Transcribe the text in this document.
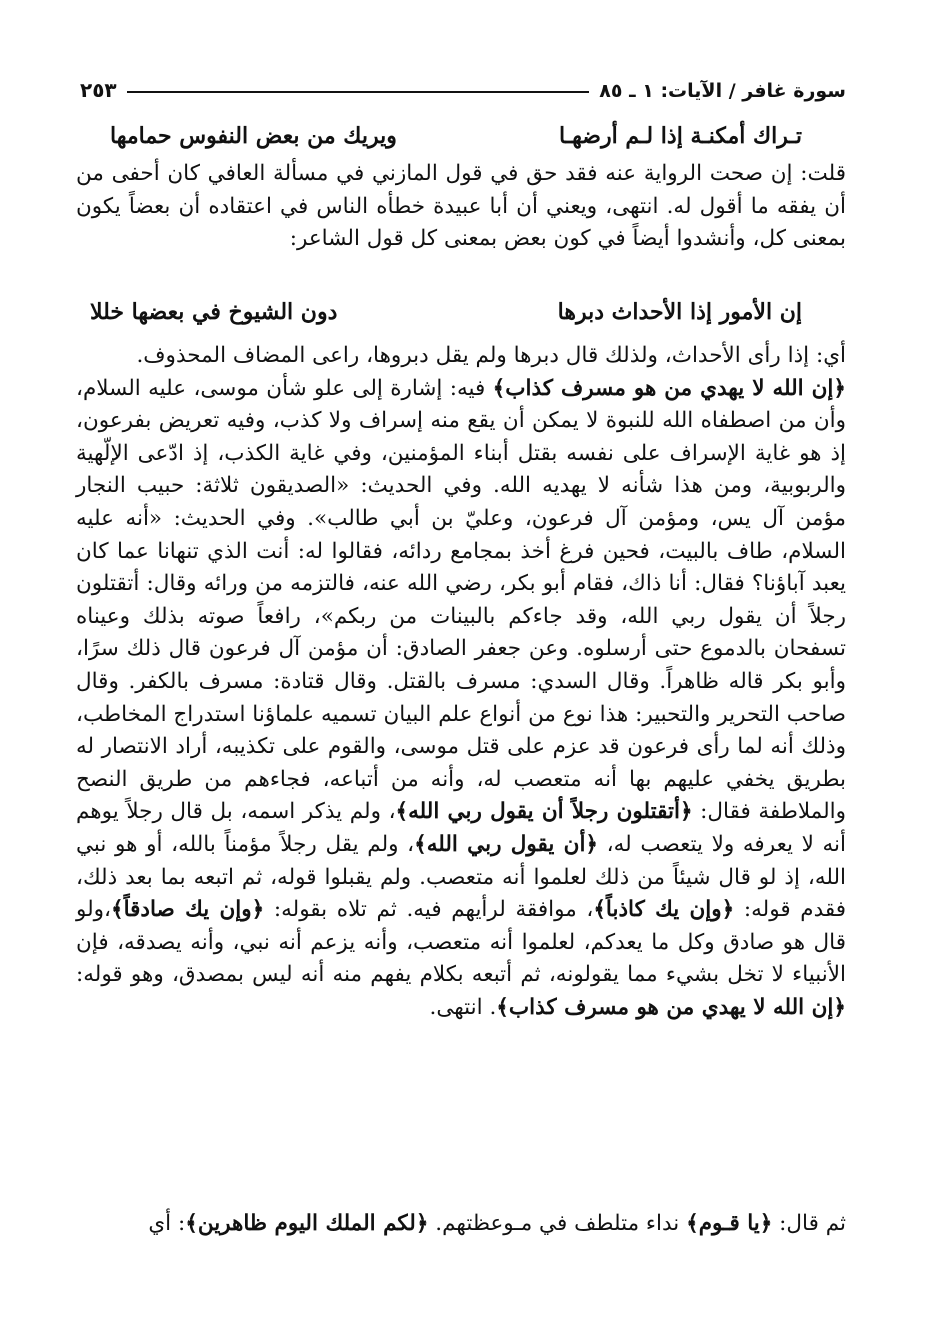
سورة غافر / الآيات: ١ ـ ٨٥
٢٥٣
تـراك أمكنـة إذا لـم أرضهـا
ويريك من بعض النفوس حمامها
قلت: إن صحت الرواية عنه فقد حق في قول المازني في مسألة العافي كان أحفى من أن يفقه ما أقول له. انتهى، ويعني أن أبا عبيدة خطأه الناس في اعتقاده أن بعضاً يكون بمعنى كل، وأنشدوا أيضاً في كون بعض بمعنى كل قول الشاعر:
إن الأمور إذا الأحداث دبرها
دون الشيوخ في بعضها خللا
أي: إذا رأى الأحداث، ولذلك قال دبرها ولم يقل دبروها، راعى المضاف المحذوف.
﴿إن الله لا يهدي من هو مسرف كذاب﴾ فيه: إشارة إلى علو شأن موسى، عليه السلام، وأن من اصطفاه الله للنبوة لا يمكن أن يقع منه إسراف ولا كذب، وفيه تعريض بفرعون، إذ هو غاية الإسراف على نفسه بقتل أبناء المؤمنين، وفي غاية الكذب، إذ ادّعى الإلّهية والربوبية، ومن هذا شأنه لا يهديه الله. وفي الحديث: «الصديقون ثلاثة: حبيب النجار مؤمن آل يس، ومؤمن آل فرعون، وعليّ بن أبي طالب». وفي الحديث: «أنه عليه السلام، طاف بالبيت، فحين فرغ أخذ بمجامع ردائه، فقالوا له: أنت الذي تنهانا عما كان يعبد آباؤنا؟ فقال: أنا ذاك، فقام أبو بكر، رضي الله عنه، فالتزمه من ورائه وقال: أتقتلون رجلاً أن يقول ربي الله، وقد جاءكم بالبينات من ربكم»، رافعاً صوته بذلك وعيناه تسفحان بالدموع حتى أرسلوه. وعن جعفر الصادق: أن مؤمن آل فرعون قال ذلك سرًا، وأبو بكر قاله ظاهراً. وقال السدي: مسرف بالقتل. وقال قتادة: مسرف بالكفر. وقال صاحب التحرير والتحبير: هذا نوع من أنواع علم البيان تسميه علماؤنا استدراج المخاطب، وذلك أنه لما رأى فرعون قد عزم على قتل موسى، والقوم على تكذيبه، أراد الانتصار له بطريق يخفي عليهم بها أنه متعصب له، وأنه من أتباعه، فجاءهم من طريق النصح والملاطفة فقال: ﴿أتقتلون رجلاً أن يقول ربي الله﴾، ولم يذكر اسمه، بل قال رجلاً يوهم أنه لا يعرفه ولا يتعصب له، ﴿أن يقول ربي الله﴾، ولم يقل رجلاً مؤمناً بالله، أو هو نبي الله، إذ لو قال شيئاً من ذلك لعلموا أنه متعصب. ولم يقبلوا قوله، ثم اتبعه بما بعد ذلك، فقدم قوله: ﴿وإن يك كاذباً﴾، موافقة لرأيهم فيه. ثم تلاه بقوله: ﴿وإن يك صادقاً﴾،ولو قال هو صادق وكل ما يعدكم، لعلموا أنه متعصب، وأنه يزعم أنه نبي، وأنه يصدقه، فإن الأنبياء لا تخل بشيء مما يقولونه، ثم أتبعه بكلام يفهم منه أنه ليس بمصدق، وهو قوله: ﴿إن الله لا يهدي من هو مسرف كذاب﴾. انتهى.
ثم قال: ﴿يا قـوم﴾ نداء متلطف في مـوعظتهم. ﴿لكم الملك اليوم ظاهرين﴾: أي
